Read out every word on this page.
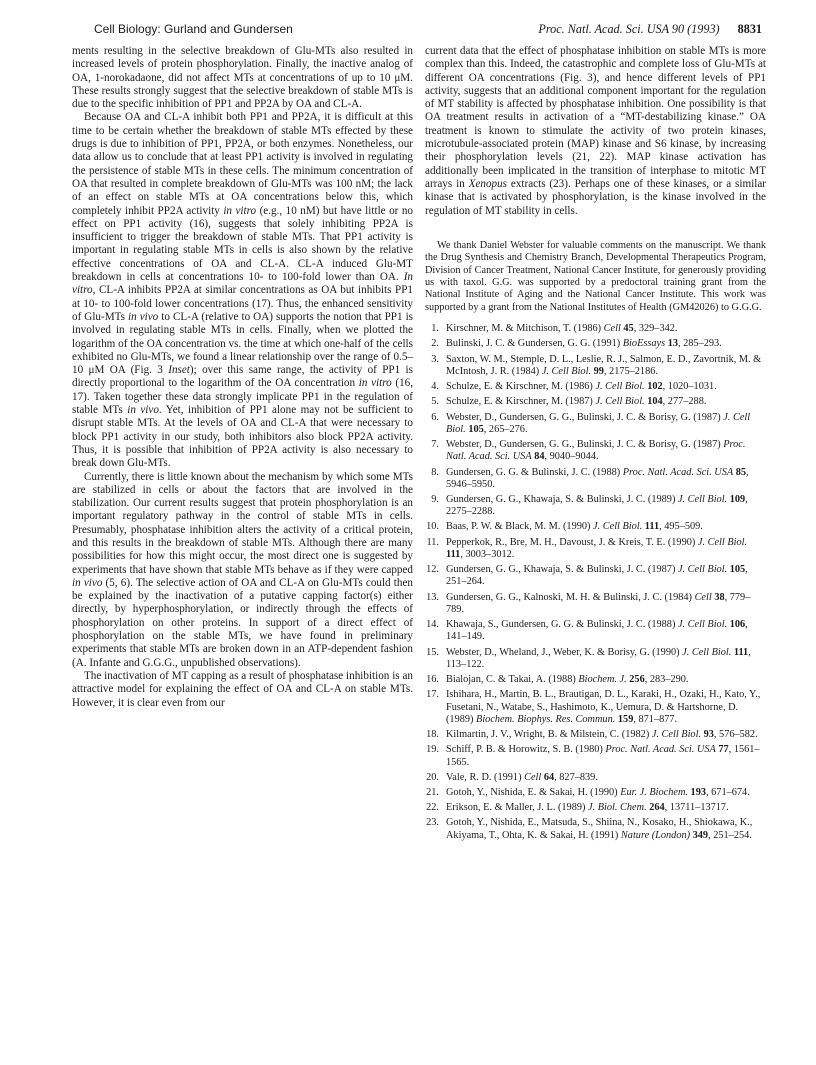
Cell Biology: Gurland and Gundersen	Proc. Natl. Acad. Sci. USA 90 (1993) 8831

ments resulting in the selective breakdown of Glu-MTs also resulted in increased levels of protein phosphorylation. Finally, the inactive analog of OA, 1-norokadaone, did not affect MTs at concentrations of up to 10 μM. These results strongly suggest that the selective breakdown of stable MTs is due to the specific inhibition of PP1 and PP2A by OA and CL-A.

Because OA and CL-A inhibit both PP1 and PP2A, it is difficult at this time to be certain whether the breakdown of stable MTs effected by these drugs is due to inhibition of PP1, PP2A, or both enzymes. Nonetheless, our data allow us to conclude that at least PP1 activity is involved in regulating the persistence of stable MTs in these cells. The minimum concentration of OA that resulted in complete breakdown of Glu-MTs was 100 nM; the lack of an effect on stable MTs at OA concentrations below this, which completely inhibit PP2A activity in vitro (e.g., 10 nM) but have little or no effect on PP1 activity (16), suggests that solely inhibiting PP2A is insufficient to trigger the breakdown of stable MTs. That PP1 activity is important in regulating stable MTs in cells is also shown by the relative effective concentrations of OA and CL-A. CL-A induced Glu-MT breakdown in cells at concentrations 10- to 100-fold lower than OA. In vitro, CL-A inhibits PP2A at similar concentrations as OA but inhibits PP1 at 10- to 100-fold lower concentrations (17). Thus, the enhanced sensitivity of Glu-MTs in vivo to CL-A (relative to OA) supports the notion that PP1 is involved in regulating stable MTs in cells. Finally, when we plotted the logarithm of the OA concentration vs. the time at which one-half of the cells exhibited no Glu-MTs, we found a linear relationship over the range of 0.5–10 μM OA (Fig. 3 Inset); over this same range, the activity of PP1 is directly proportional to the logarithm of the OA concentration in vitro (16, 17). Taken together these data strongly implicate PP1 in the regulation of stable MTs in vivo. Yet, inhibition of PP1 alone may not be sufficient to disrupt stable MTs. At the levels of OA and CL-A that were necessary to block PP1 activity in our study, both inhibitors also block PP2A activity. Thus, it is possible that inhibition of PP2A activity is also necessary to break down Glu-MTs.

Currently, there is little known about the mechanism by which some MTs are stabilized in cells or about the factors that are involved in the stabilization. Our current results suggest that protein phosphorylation is an important regulatory pathway in the control of stable MTs in cells. Presumably, phosphatase inhibition alters the activity of a critical protein, and this results in the breakdown of stable MTs. Although there are many possibilities for how this might occur, the most direct one is suggested by experiments that have shown that stable MTs behave as if they were capped in vivo (5, 6). The selective action of OA and CL-A on Glu-MTs could then be explained by the inactivation of a putative capping factor(s) either directly, by hyperphosphorylation, or indirectly through the effects of phosphorylation on other proteins. In support of a direct effect of phosphorylation on the stable MTs, we have found in preliminary experiments that stable MTs are broken down in an ATP-dependent fashion (A. Infante and G.G.G., unpublished observations).

The inactivation of MT capping as a result of phosphatase inhibition is an attractive model for explaining the effect of OA and CL-A on stable MTs. However, it is clear even from our

current data that the effect of phosphatase inhibition on stable MTs is more complex than this. Indeed, the catastrophic and complete loss of Glu-MTs at different OA concentrations (Fig. 3), and hence different levels of PP1 activity, suggests that an additional component important for the regulation of MT stability is affected by phosphatase inhibition. One possibility is that OA treatment results in activation of a “MT-destabilizing kinase.” OA treatment is known to stimulate the activity of two protein kinases, microtubule-associated protein (MAP) kinase and S6 kinase, by increasing their phosphorylation levels (21, 22). MAP kinase activation has additionally been implicated in the transition of interphase to mitotic MT arrays in Xenopus extracts (23). Perhaps one of these kinases, or a similar kinase that is activated by phosphorylation, is the kinase involved in the regulation of MT stability in cells.

We thank Daniel Webster for valuable comments on the manuscript. We thank the Drug Synthesis and Chemistry Branch, Developmental Therapeutics Program, Division of Cancer Treatment, National Cancer Institute, for generously providing us with taxol. G.G. was supported by a predoctoral training grant from the National Institute of Aging and the National Cancer Institute. This work was supported by a grant from the National Institutes of Health (GM42026) to G.G.G.

1. Kirschner, M. & Mitchison, T. (1986) Cell 45, 329–342.
2. Bulinski, J. C. & Gundersen, G. G. (1991) BioEssays 13, 285–293.
3. Saxton, W. M., Stemple, D. L., Leslie, R. J., Salmon, E. D., Zavortnik, M. & McIntosh, J. R. (1984) J. Cell Biol. 99, 2175–2186.
4. Schulze, E. & Kirschner, M. (1986) J. Cell Biol. 102, 1020–1031.
5. Schulze, E. & Kirschner, M. (1987) J. Cell Biol. 104, 277–288.
6. Webster, D., Gundersen, G. G., Bulinski, J. C. & Borisy, G. (1987) J. Cell Biol. 105, 265–276.
7. Webster, D., Gundersen, G. G., Bulinski, J. C. & Borisy, G. (1987) Proc. Natl. Acad. Sci. USA 84, 9040–9044.
8. Gundersen, G. G. & Bulinski, J. C. (1988) Proc. Natl. Acad. Sci. USA 85, 5946–5950.
9. Gundersen, G. G., Khawaja, S. & Bulinski, J. C. (1989) J. Cell Biol. 109, 2275–2288.
10. Baas, P. W. & Black, M. M. (1990) J. Cell Biol. 111, 495–509.
11. Pepperkok, R., Bre, M. H., Davoust, J. & Kreis, T. E. (1990) J. Cell Biol. 111, 3003–3012.
12. Gundersen, G. G., Khawaja, S. & Bulinski, J. C. (1987) J. Cell Biol. 105, 251–264.
13. Gundersen, G. G., Kalnoski, M. H. & Bulinski, J. C. (1984) Cell 38, 779–789.
14. Khawaja, S., Gundersen, G. G. & Bulinski, J. C. (1988) J. Cell Biol. 106, 141–149.
15. Webster, D., Wheland, J., Weber, K. & Borisy, G. (1990) J. Cell Biol. 111, 113–122.
16. Bialojan, C. & Takai, A. (1988) Biochem. J. 256, 283–290.
17. Ishihara, H., Martin, B. L., Brautigan, D. L., Karaki, H., Ozaki, H., Kato, Y., Fusetani, N., Watabe, S., Hashimoto, K., Uemura, D. & Hartshorne, D. (1989) Biochem. Biophys. Res. Commun. 159, 871–877.
18. Kilmartin, J. V., Wright, B. & Milstein, C. (1982) J. Cell Biol. 93, 576–582.
19. Schiff, P. B. & Horowitz, S. B. (1980) Proc. Natl. Acad. Sci. USA 77, 1561–1565.
20. Vale, R. D. (1991) Cell 64, 827–839.
21. Gotoh, Y., Nishida, E. & Sakai, H. (1990) Eur. J. Biochem. 193, 671–674.
22. Erikson, E. & Maller, J. L. (1989) J. Biol. Chem. 264, 13711–13717.
23. Gotoh, Y., Nishida, E., Matsuda, S., Shiina, N., Kosako, H., Shiokawa, K., Akiyama, T., Ohta, K. & Sakai, H. (1991) Nature (London) 349, 251–254.
